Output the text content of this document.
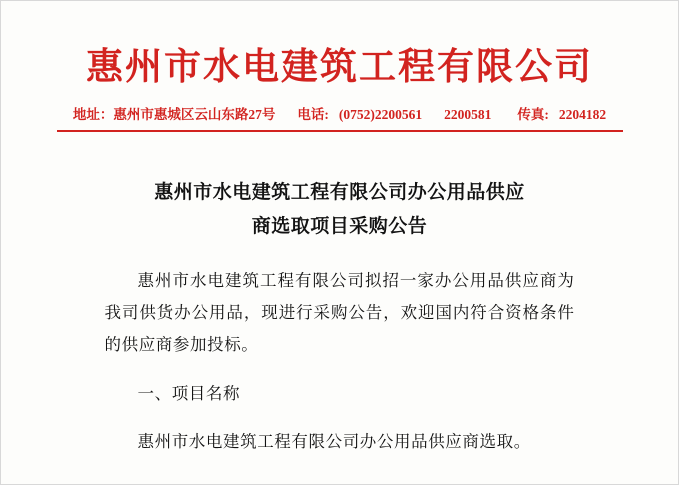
惠州市水电建筑工程有限公司
地址：惠州市惠城区云山东路27号 电话: (0752)2200561 2200581 传真: 2204182
惠州市水电建筑工程有限公司办公用品供应
商选取项目采购公告

惠州市水电建筑工程有限公司拟招一家办公用品供应商为我司供货办公用品，现进行采购公告，欢迎国内符合资格条件的供应商参加投标。

一、项目名称

惠州市水电建筑工程有限公司办公用品供应商选取。
